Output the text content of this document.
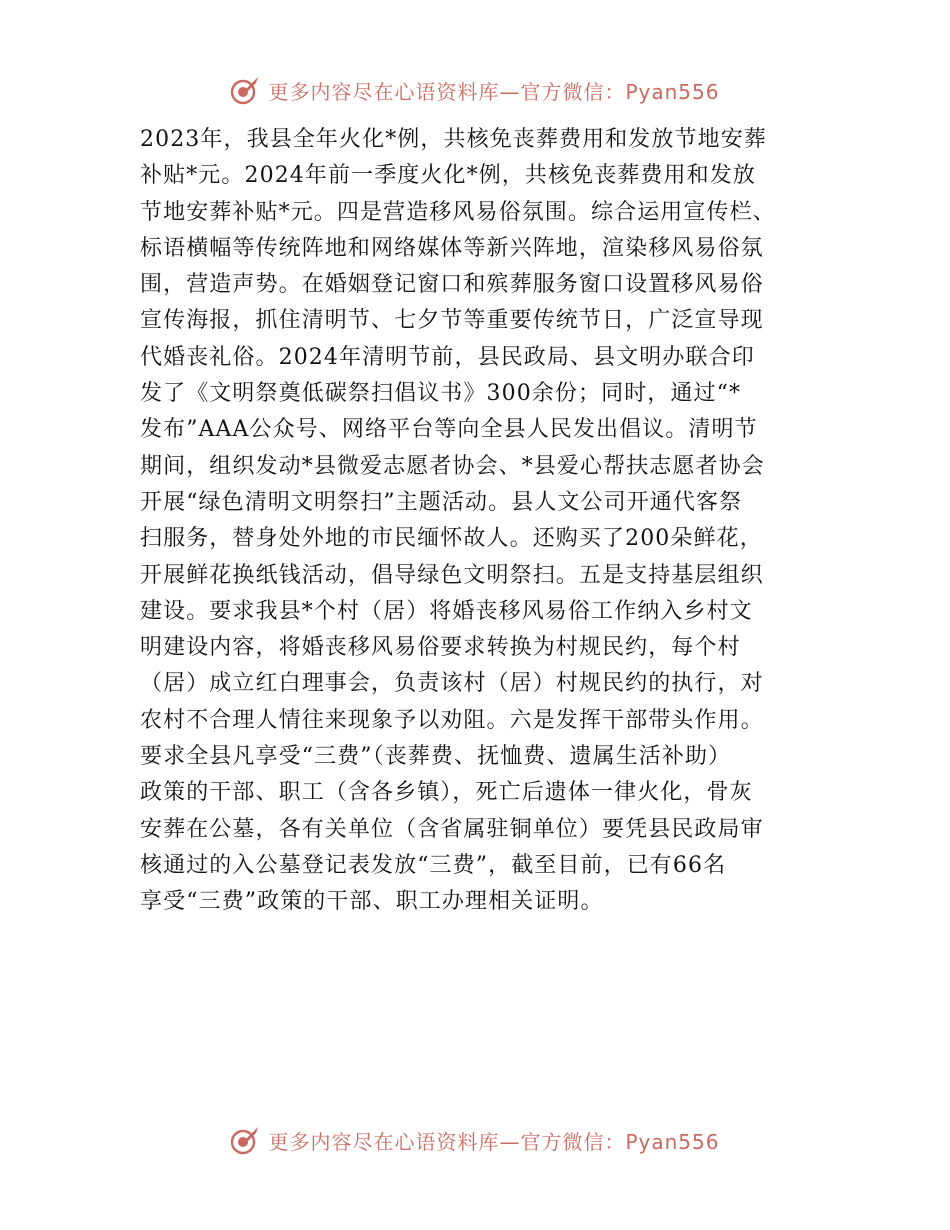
更多内容尽在心语资料库—官方微信：Pyan556
2023年，我县全年火化*例，共核免丧葬费用和发放节地安葬
补贴*元。2024年前一季度火化*例，共核免丧葬费用和发放
节地安葬补贴*元。四是营造移风易俗氛围。综合运用宣传栏、
标语横幅等传统阵地和网络媒体等新兴阵地，渲染移风易俗氛
围，营造声势。在婚姻登记窗口和殡葬服务窗口设置移风易俗
宣传海报，抓住清明节、七夕节等重要传统节日，广泛宣导现
代婚丧礼俗。2024年清明节前，县民政局、县文明办联合印
发了《文明祭奠低碳祭扫倡议书》300余份；同时，通过“*
发布”AAA公众号、网络平台等向全县人民发出倡议。清明节
期间，组织发动*县微爱志愿者协会、*县爱心帮扶志愿者协会
开展“绿色清明文明祭扫”主题活动。县人文公司开通代客祭
扫服务，替身处外地的市民缅怀故人。还购买了200朵鲜花，
开展鲜花换纸钱活动，倡导绿色文明祭扫。五是支持基层组织
建设。要求我县*个村（居）将婚丧移风易俗工作纳入乡村文
明建设内容，将婚丧移风易俗要求转换为村规民约，每个村
（居）成立红白理事会，负责该村（居）村规民约的执行，对
农村不合理人情往来现象予以劝阻。六是发挥干部带头作用。
要求全县凡享受“三费”（丧葬费、抚恤费、遗属生活补助）
政策的干部、职工（含各乡镇），死亡后遗体一律火化，骨灰
安葬在公墓，各有关单位（含省属驻铜单位）要凭县民政局审
核通过的入公墓登记表发放“三费”，截至目前，已有66名
享受“三费”政策的干部、职工办理相关证明。
更多内容尽在心语资料库—官方微信：Pyan556
